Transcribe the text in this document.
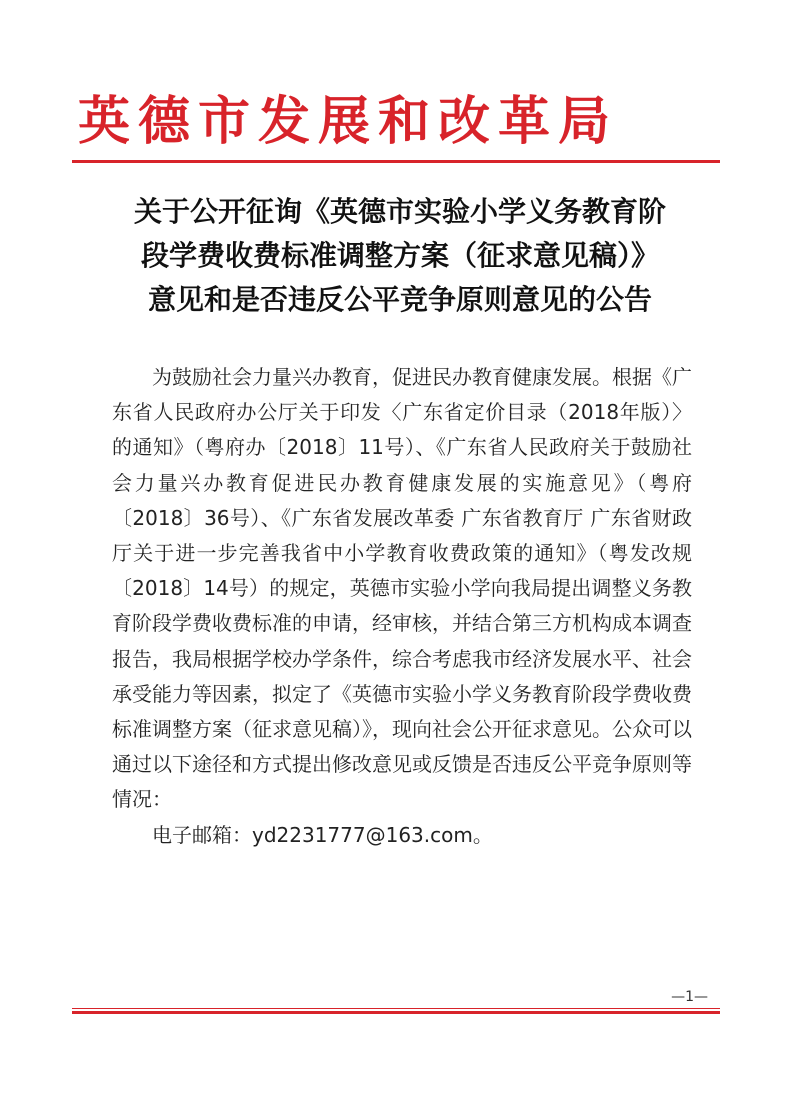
英德市发展和改革局
关于公开征询《英德市实验小学义务教育阶
段学费收费标准调整方案（征求意见稿）》
意见和是否违反公平竞争原则意见的公告

为鼓励社会力量兴办教育，促进民办教育健康发展。根据《广东省人民政府办公厅关于印发〈广东省定价目录（2018年版）〉的通知》（粤府办〔2018〕11号）、《广东省人民政府关于鼓励社会力量兴办教育促进民办教育健康发展的实施意见》（粤府〔2018〕36号）、《广东省发展改革委 广东省教育厅 广东省财政厅关于进一步完善我省中小学教育收费政策的通知》（粤发改规〔2018〕14号）的规定，英德市实验小学向我局提出调整义务教育阶段学费收费标准的申请，经审核，并结合第三方机构成本调查报告，我局根据学校办学条件，综合考虑我市经济发展水平、社会承受能力等因素，拟定了《英德市实验小学义务教育阶段学费收费标准调整方案（征求意见稿）》，现向社会公开征求意见。公众可以通过以下途径和方式提出修改意见或反馈是否违反公平竞争原则等情况：

电子邮箱：yd2231777@163.com。

—1—
